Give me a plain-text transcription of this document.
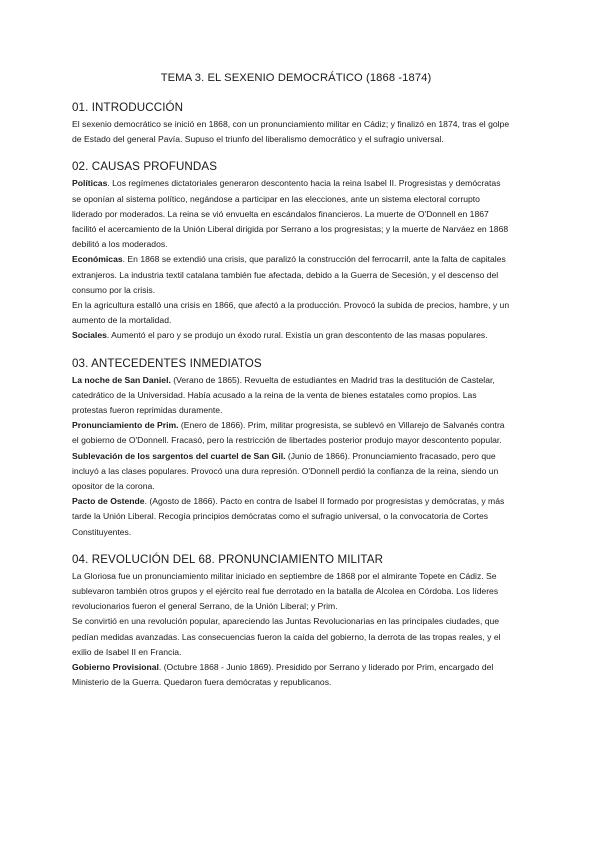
TEMA 3. EL SEXENIO DEMOCRÁTICO (1868 -1874)
01. INTRODUCCIÓN

El sexenio democrático se inició en 1868, con un pronunciamiento militar en Cádiz; y finalizó en 1874, tras el golpe de Estado del general Pavía. Supuso el triunfo del liberalismo democrático y el sufragio universal.

02. CAUSAS PROFUNDAS

Políticas. Los regímenes dictatoriales generaron descontento hacia la reina Isabel II. Progresistas y demócratas se oponían al sistema político, negándose a participar en las elecciones, ante un sistema electoral corrupto liderado por moderados. La reina se vió envuelta en escándalos financieros. La muerte de O'Donnell en 1867 facilitó el acercamiento de la Unión Liberal dirigida por Serrano a los progresistas; y la muerte de Narváez en 1868 debilitó a los moderados.

Económicas. En 1868 se extendió una crisis, que paralizó la construcción del ferrocarril, ante la falta de capitales extranjeros. La industria textil catalana también fue afectada, debido a la Guerra de Secesión, y el descenso del consumo por la crisis.

En la agricultura estalló una crisis en 1866, que afectó a la producción. Provocó la subida de precios, hambre, y un aumento de la mortalidad.

Sociales. Aumentó el paro y se produjo un éxodo rural. Existía un gran descontento de las masas populares.

03. ANTECEDENTES INMEDIATOS

La noche de San Daniel. (Verano de 1865). Revuelta de estudiantes en Madrid tras la destitución de Castelar, catedrático de la Universidad. Había acusado a la reina de la venta de bienes estatales como propios. Las protestas fueron reprimidas duramente.

Pronunciamiento de Prim. (Enero de 1866). Prim, militar progresista, se sublevó en Villarejo de Salvanés contra el gobierno de O'Donnell. Fracasó, pero la restricción de libertades posterior produjo mayor descontento popular.

Sublevación de los sargentos del cuartel de San Gil. (Junio de 1866). Pronunciamiento fracasado, pero que incluyó a las clases populares. Provocó una dura represión. O'Donnell perdió la confianza de la reina, siendo un opositor de la corona.

Pacto de Ostende. (Agosto de 1866). Pacto en contra de Isabel II formado por progresistas y demócratas, y más tarde la Unión Liberal. Recogía principios demócratas como el sufragio universal, o la convocatoria de Cortes Constituyentes.

04. REVOLUCIÓN DEL 68. PRONUNCIAMIENTO MILITAR

La Gloriosa fue un pronunciamiento militar iniciado en septiembre de 1868 por el almirante Topete en Cádiz. Se sublevaron también otros grupos y el ejército real fue derrotado en la batalla de Alcolea en Córdoba. Los líderes revolucionarios fueron el general Serrano, de la Unión Liberal; y Prim.

Se convirtió en una revolución popular, apareciendo las Juntas Revolucionarias en las principales ciudades, que pedían medidas avanzadas. Las consecuencias fueron la caída del gobierno, la derrota de las tropas reales, y el exilio de Isabel II en Francia.

Gobierno Provisional. (Octubre 1868 - Junio 1869). Presidido por Serrano y liderado por Prim, encargado del Ministerio de la Guerra. Quedaron fuera demócratas y republicanos.
